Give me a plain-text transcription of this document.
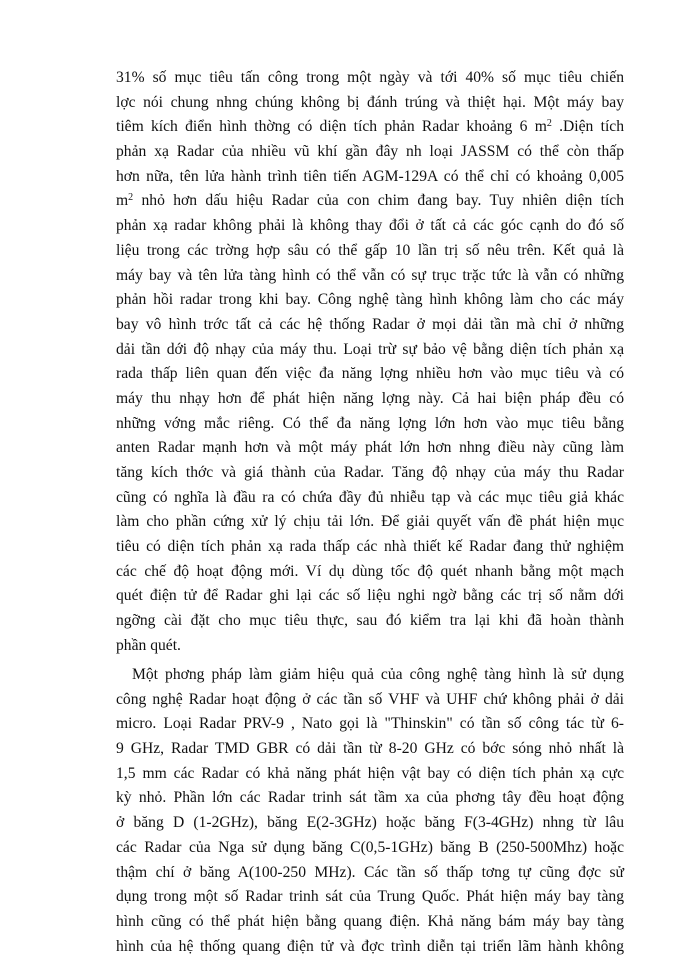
31% số mục tiêu tấn công trong một ngày và tới 40% số mục tiêu chiến
lợc nói chung nhng chúng không bị đánh trúng và thiệt hại. Một máy bay
tiêm kích điển hình thờng có diện tích phản Radar khoảng 6 $m^2$ .Diện tích
phản xạ Radar của nhiều vũ khí gần đây nh loại JASSM có thể còn thấp
hơn nữa, tên lửa hành trình tiên tiến AGM-129A có thể chỉ có khoảng 0,005
$m^2$ nhỏ hơn dấu hiệu Radar của con chim đang bay. Tuy nhiên diện tích
phản xạ radar không phải là không thay đổi ở tất cả các góc cạnh do đó số
liệu trong các trờng hợp sâu có thể gấp 10 lần trị số nêu trên. Kết quả là
máy bay và tên lửa tàng hình có thể vẫn có sự trục trặc tức là vẫn có những
phản hồi radar trong khi bay. Công nghệ tàng hình không làm cho các máy
bay vô hình trớc tất cả các hệ thống Radar ở mọi dải tần mà chỉ ở những
dải tần dới độ nhạy của máy thu. Loại trừ sự bảo vệ bằng diện tích phản xạ
rada thấp liên quan đến việc đa năng lợng nhiều hơn vào mục tiêu và có
máy thu nhạy hơn để phát hiện năng lợng này. Cả hai biện pháp đều có
những vớng mắc riêng. Có thể đa năng lợng lớn hơn vào mục tiêu bằng
anten Radar mạnh hơn và một máy phát lớn hơn nhng điều này cũng làm
tăng kích thớc và giá thành của Radar. Tăng độ nhạy của máy thu Radar
cũng có nghĩa là đầu ra có chứa đầy đủ nhiễu tạp và các mục tiêu giả khác
làm cho phần cứng xử lý chịu tải lớn. Để giải quyết vấn đề phát hiện mục
tiêu có diện tích phản xạ rada thấp các nhà thiết kế Radar đang thử nghiệm
các chế độ hoạt động mới. Ví dụ dùng tốc độ quét nhanh bằng một mạch
quét điện tử để Radar ghi lại các số liệu nghi ngờ bằng các trị số nằm dới
ngỡng cài đặt cho mục tiêu thực, sau đó kiểm tra lại khi đã hoàn thành
phần quét.
Một phơng pháp làm giảm hiệu quả của công nghệ tàng hình là sử dụng
công nghệ Radar hoạt động ở các tần số VHF và UHF chứ không phải ở dải
micro. Loại Radar PRV-9 , Nato gọi là "Thinskin" có tần số công tác từ 6-
9 GHz, Radar TMD GBR có dải tần từ 8-20 GHz có bớc sóng nhỏ nhất là
1,5 mm các Radar có khả năng phát hiện vật bay có diện tích phản xạ cực
kỳ nhỏ. Phần lớn các Radar trinh sát tầm xa của phơng tây đều hoạt động
ở băng D (1-2GHz), băng E(2-3GHz) hoặc băng F(3-4GHz) nhng từ lâu
các Radar của Nga sử dụng băng C(0,5-1GHz) băng B (250-500Mhz) hoặc
thậm chí ở băng A(100-250 MHz). Các tần số thấp tơng tự cũng đợc sử
dụng trong một số Radar trinh sát của Trung Quốc. Phát hiện máy bay tàng
hình cũng có thể phát hiện bằng quang điện. Khả năng bám máy bay tàng
hình của hệ thống quang điện tử và đợc trình diễn tại triển lãm hành không
